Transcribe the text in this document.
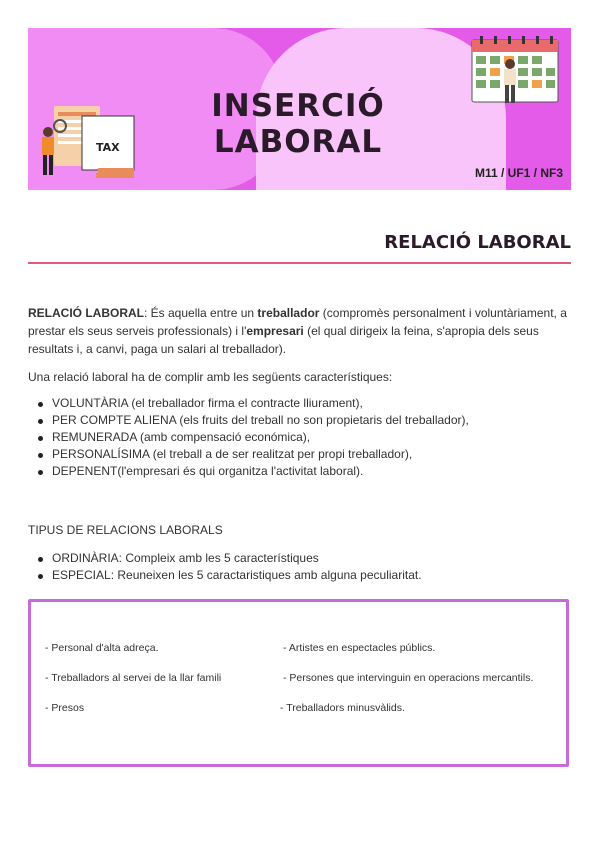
TAX
INSERCIÓ LABORAL
M11 / UF1 / NF3
RELACIÓ LABORAL

RELACIÓ LABORAL: És aquella entre un treballador (compromès personalment i voluntàriament, a prestar els seus serveis professionals) i l'empresari (el qual dirigeix la feina, s'apropia dels seus resultats i, a canvi, paga un salari al treballador).

Una relació laboral ha de complir amb les següents característiques:

VOLUNTÀRIA (el treballador firma el contracte lliurament),
PER COMPTE ALIENA (els fruits del treball no son propietaris del treballador),
REMUNERADA (amb compensació económica),
PERSONALÍSIMA (el treball a de ser realitzat per propi treballador),
DEPENENT(l'empresari és qui organitza l'activitat laboral).

TIPUS DE RELACIONS LABORALS

ORDINÀRIA: Compleix amb les 5 característiques
ESPECIAL: Reuneixen les 5 caractaristiques amb alguna peculiaritat.
- Personal d'alta adreça.
- Treballadors al servei de la llar famili
- Presos
- Artistes en espectacles públics.
- Persones que intervinguin en operacions mercantils.
- Treballadors minusvàlids.
